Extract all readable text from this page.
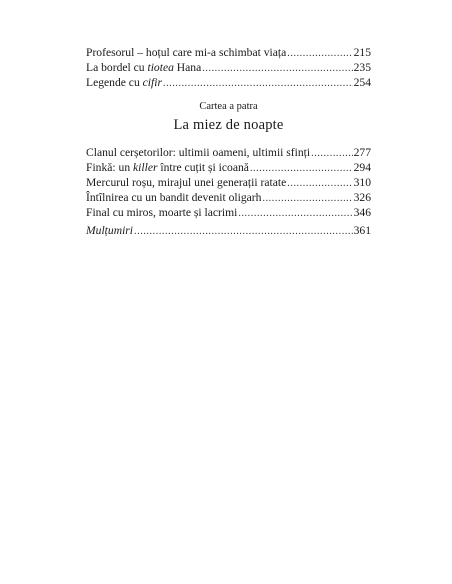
Profesorul – hoțul care mi-a schimbat viața .....	215
La bordel cu tiotea Hana .....	235
Legende cu cifir .....	254
Cartea a patra
La miez de noapte
Clanul cerșetorilor: ultimii oameni, ultimii sfinți .....	277
Finkă: un killer între cuțit și icoană .....	294
Mercurul roșu, mirajul unei generații ratate .....	310
Întîlnirea cu un bandit devenit oligarh .....	326
Final cu miros, moarte și lacrimi .....	346
Mulțumiri .....	361
